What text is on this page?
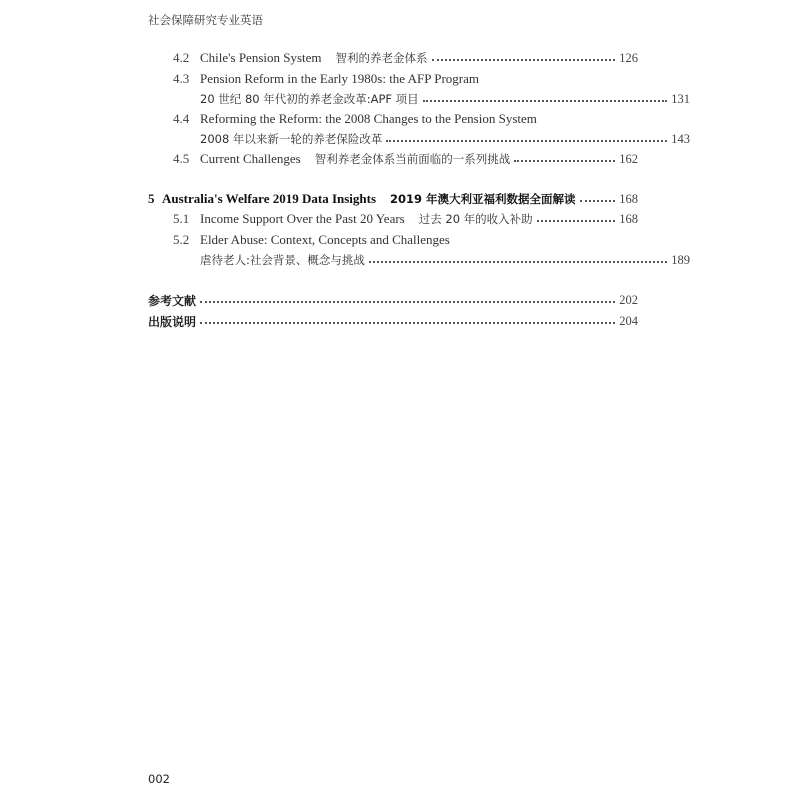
社会保障研究专业英语
4.2 Chile's Pension System 智利的养老金体系	126
4.3 Pension Reform in the Early 1980s: the AFP Program
20 世纪 80 年代初的养老金改革:APF 项目	131
4.4 Reforming the Reform: the 2008 Changes to the Pension System
2008 年以来新一轮的养老保险改革	143
4.5 Current Challenges 智利养老金体系当前面临的一系列挑战	162
5 Australia's Welfare 2019 Data Insights 2019 年澳大利亚福利数据全面解读	168
5.1 Income Support Over the Past 20 Years 过去 20 年的收入补助	168
5.2 Elder Abuse: Context, Concepts and Challenges
虐待老人:社会背景、概念与挑战	189
参考文献	202
出版说明	204
002
